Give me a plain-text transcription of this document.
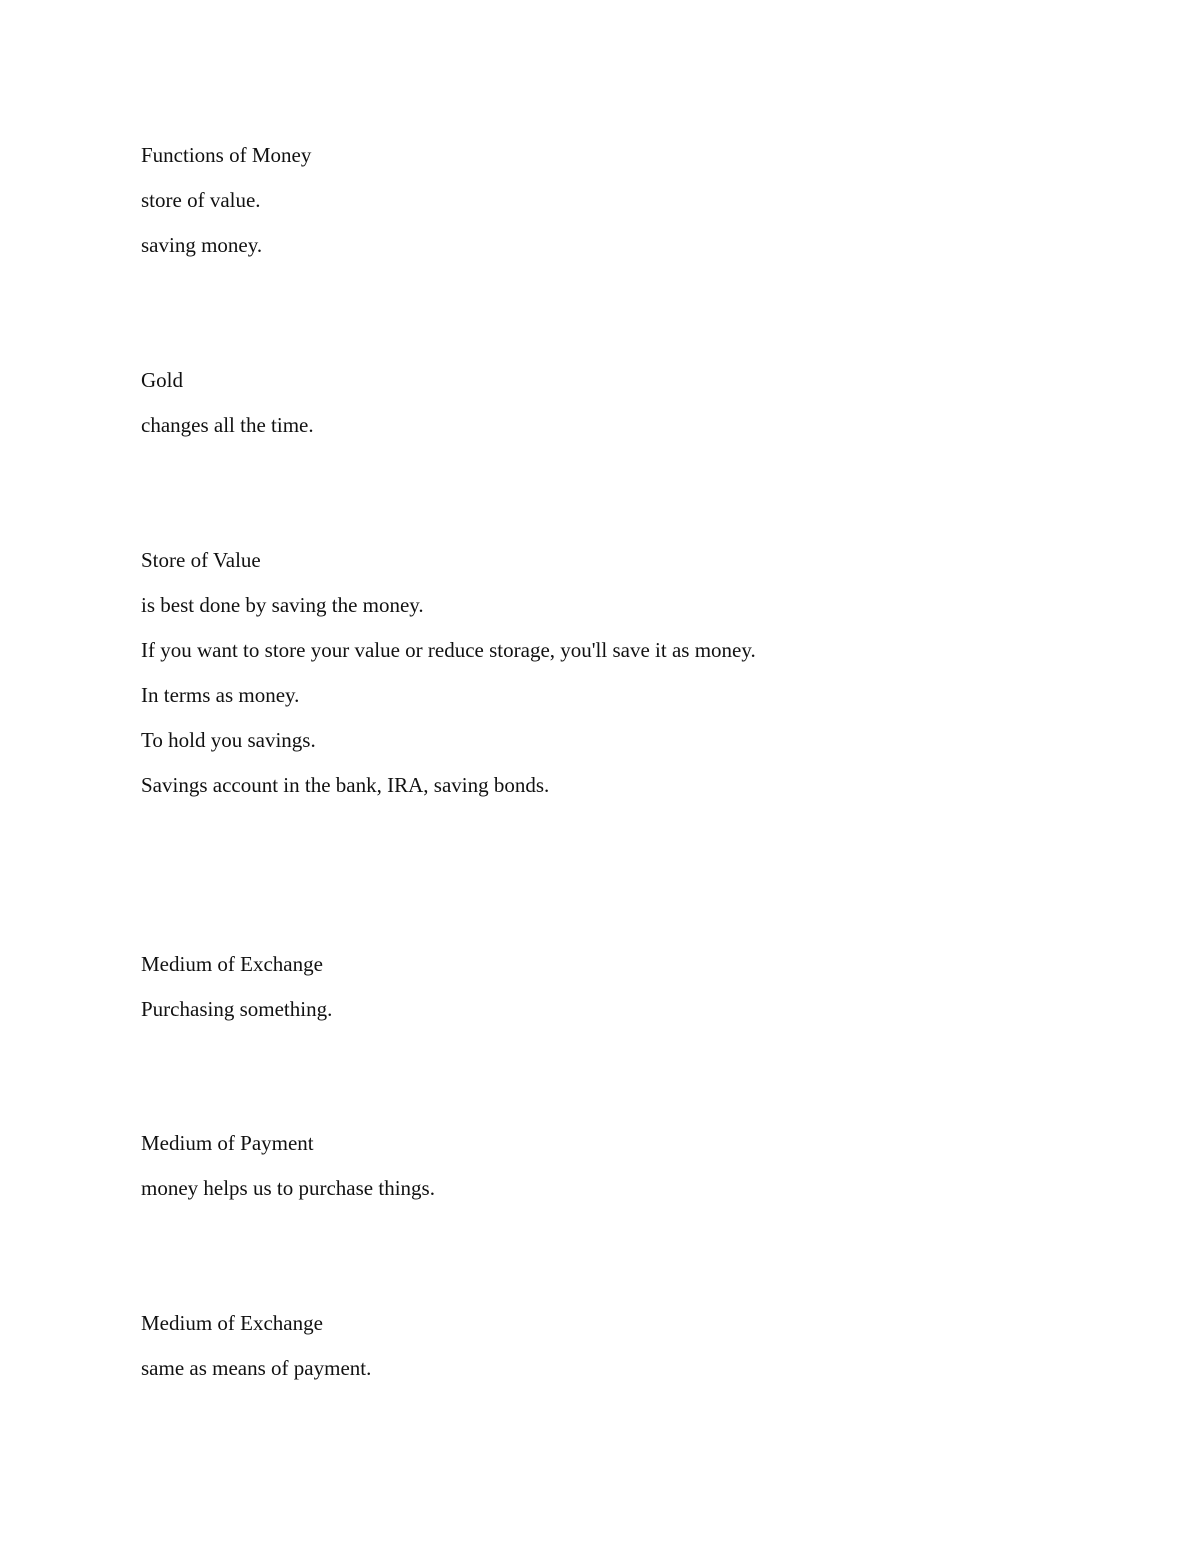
Functions of Money

store of value.

saving money.

Gold

changes all the time.

Store of Value

is best done by saving the money.

If you want to store your value or reduce storage, you'll save it as money.

In terms as money.

To hold you savings.

Savings account in the bank, IRA, saving bonds.

Medium of Exchange

Purchasing something.

Medium of Payment

money helps us to purchase things.

Medium of Exchange

same as means of payment.
